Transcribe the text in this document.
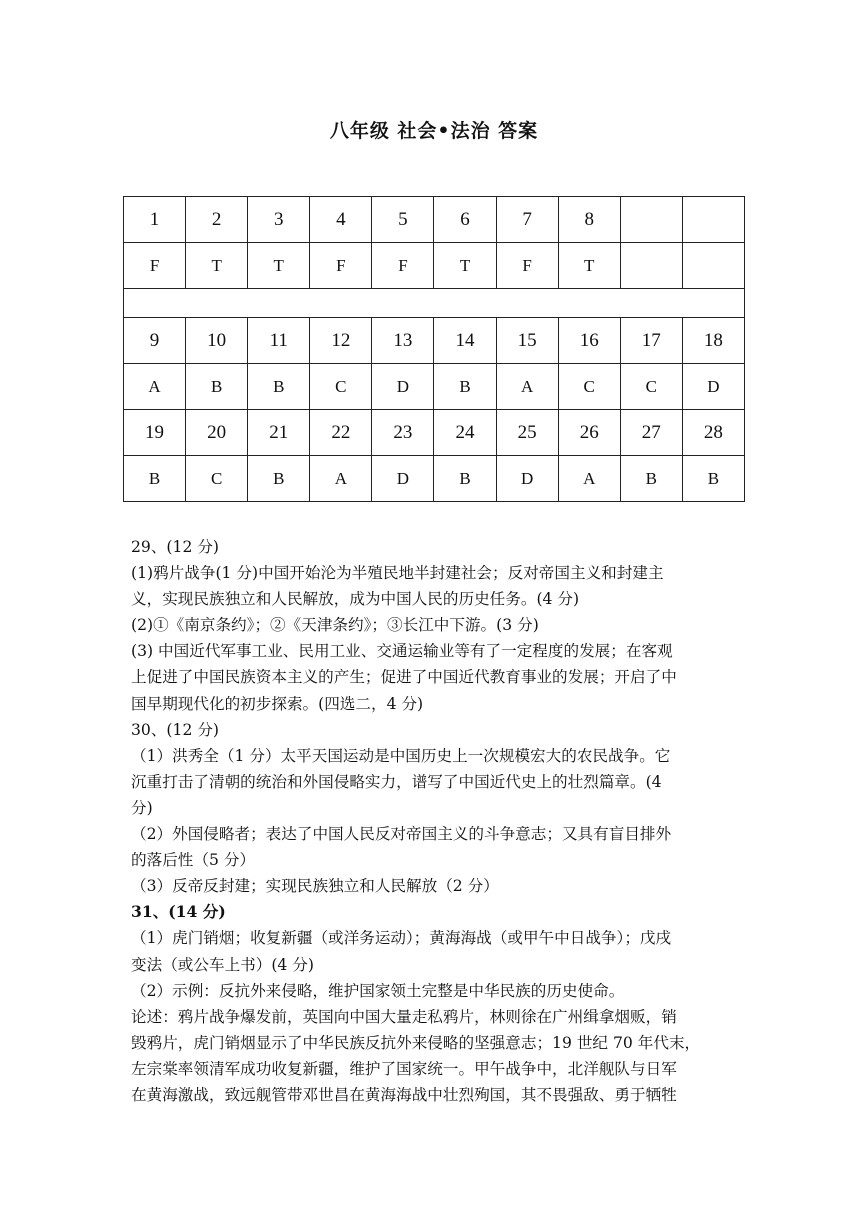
八年级 社会•法治 答案
1	2	3	4	5	6	7	8		
F	T	T	F	F	T	F	T		

9	10	11	12	13	14	15	16	17	18
A	B	B	C	D	B	A	C	C	D
19	20	21	22	23	24	25	26	27	28
B	C	B	A	D	B	D	A	B	B

29、(12 分)

(1)鸦片战争(1 分)中国开始沦为半殖民地半封建社会；反对帝国主义和封建主

义，实现民族独立和人民解放，成为中国人民的历史任务。(4 分)

(2)①《南京条约》；②《天津条约》；③长江中下游。(3 分)

(3) 中国近代军事工业、民用工业、交通运输业等有了一定程度的发展；在客观

上促进了中国民族资本主义的产生；促进了中国近代教育事业的发展；开启了中

国早期现代化的初步探索。(四选二，4 分)

30、(12 分)

（1）洪秀全（1 分）太平天国运动是中国历史上一次规模宏大的农民战争。它

沉重打击了清朝的统治和外国侵略实力，谱写了中国近代史上的壮烈篇章。(4

分)

（2）外国侵略者；表达了中国人民反对帝国主义的斗争意志；又具有盲目排外

的落后性（5 分）

（3）反帝反封建；实现民族独立和人民解放（2 分）

31、(14 分)

（1）虎门销烟；收复新疆（或洋务运动）；黄海海战（或甲午中日战争）；戊戌

变法（或公车上书）(4 分)

（2）示例：反抗外来侵略，维护国家领土完整是中华民族的历史使命。

论述：鸦片战争爆发前，英国向中国大量走私鸦片，林则徐在广州缉拿烟贩，销

毁鸦片，虎门销烟显示了中华民族反抗外来侵略的坚强意志；19 世纪 70 年代末，

左宗棠率领清军成功收复新疆，维护了国家统一。甲午战争中，北洋舰队与日军

在黄海激战，致远舰管带邓世昌在黄海海战中壮烈殉国，其不畏强敌、勇于牺牲
